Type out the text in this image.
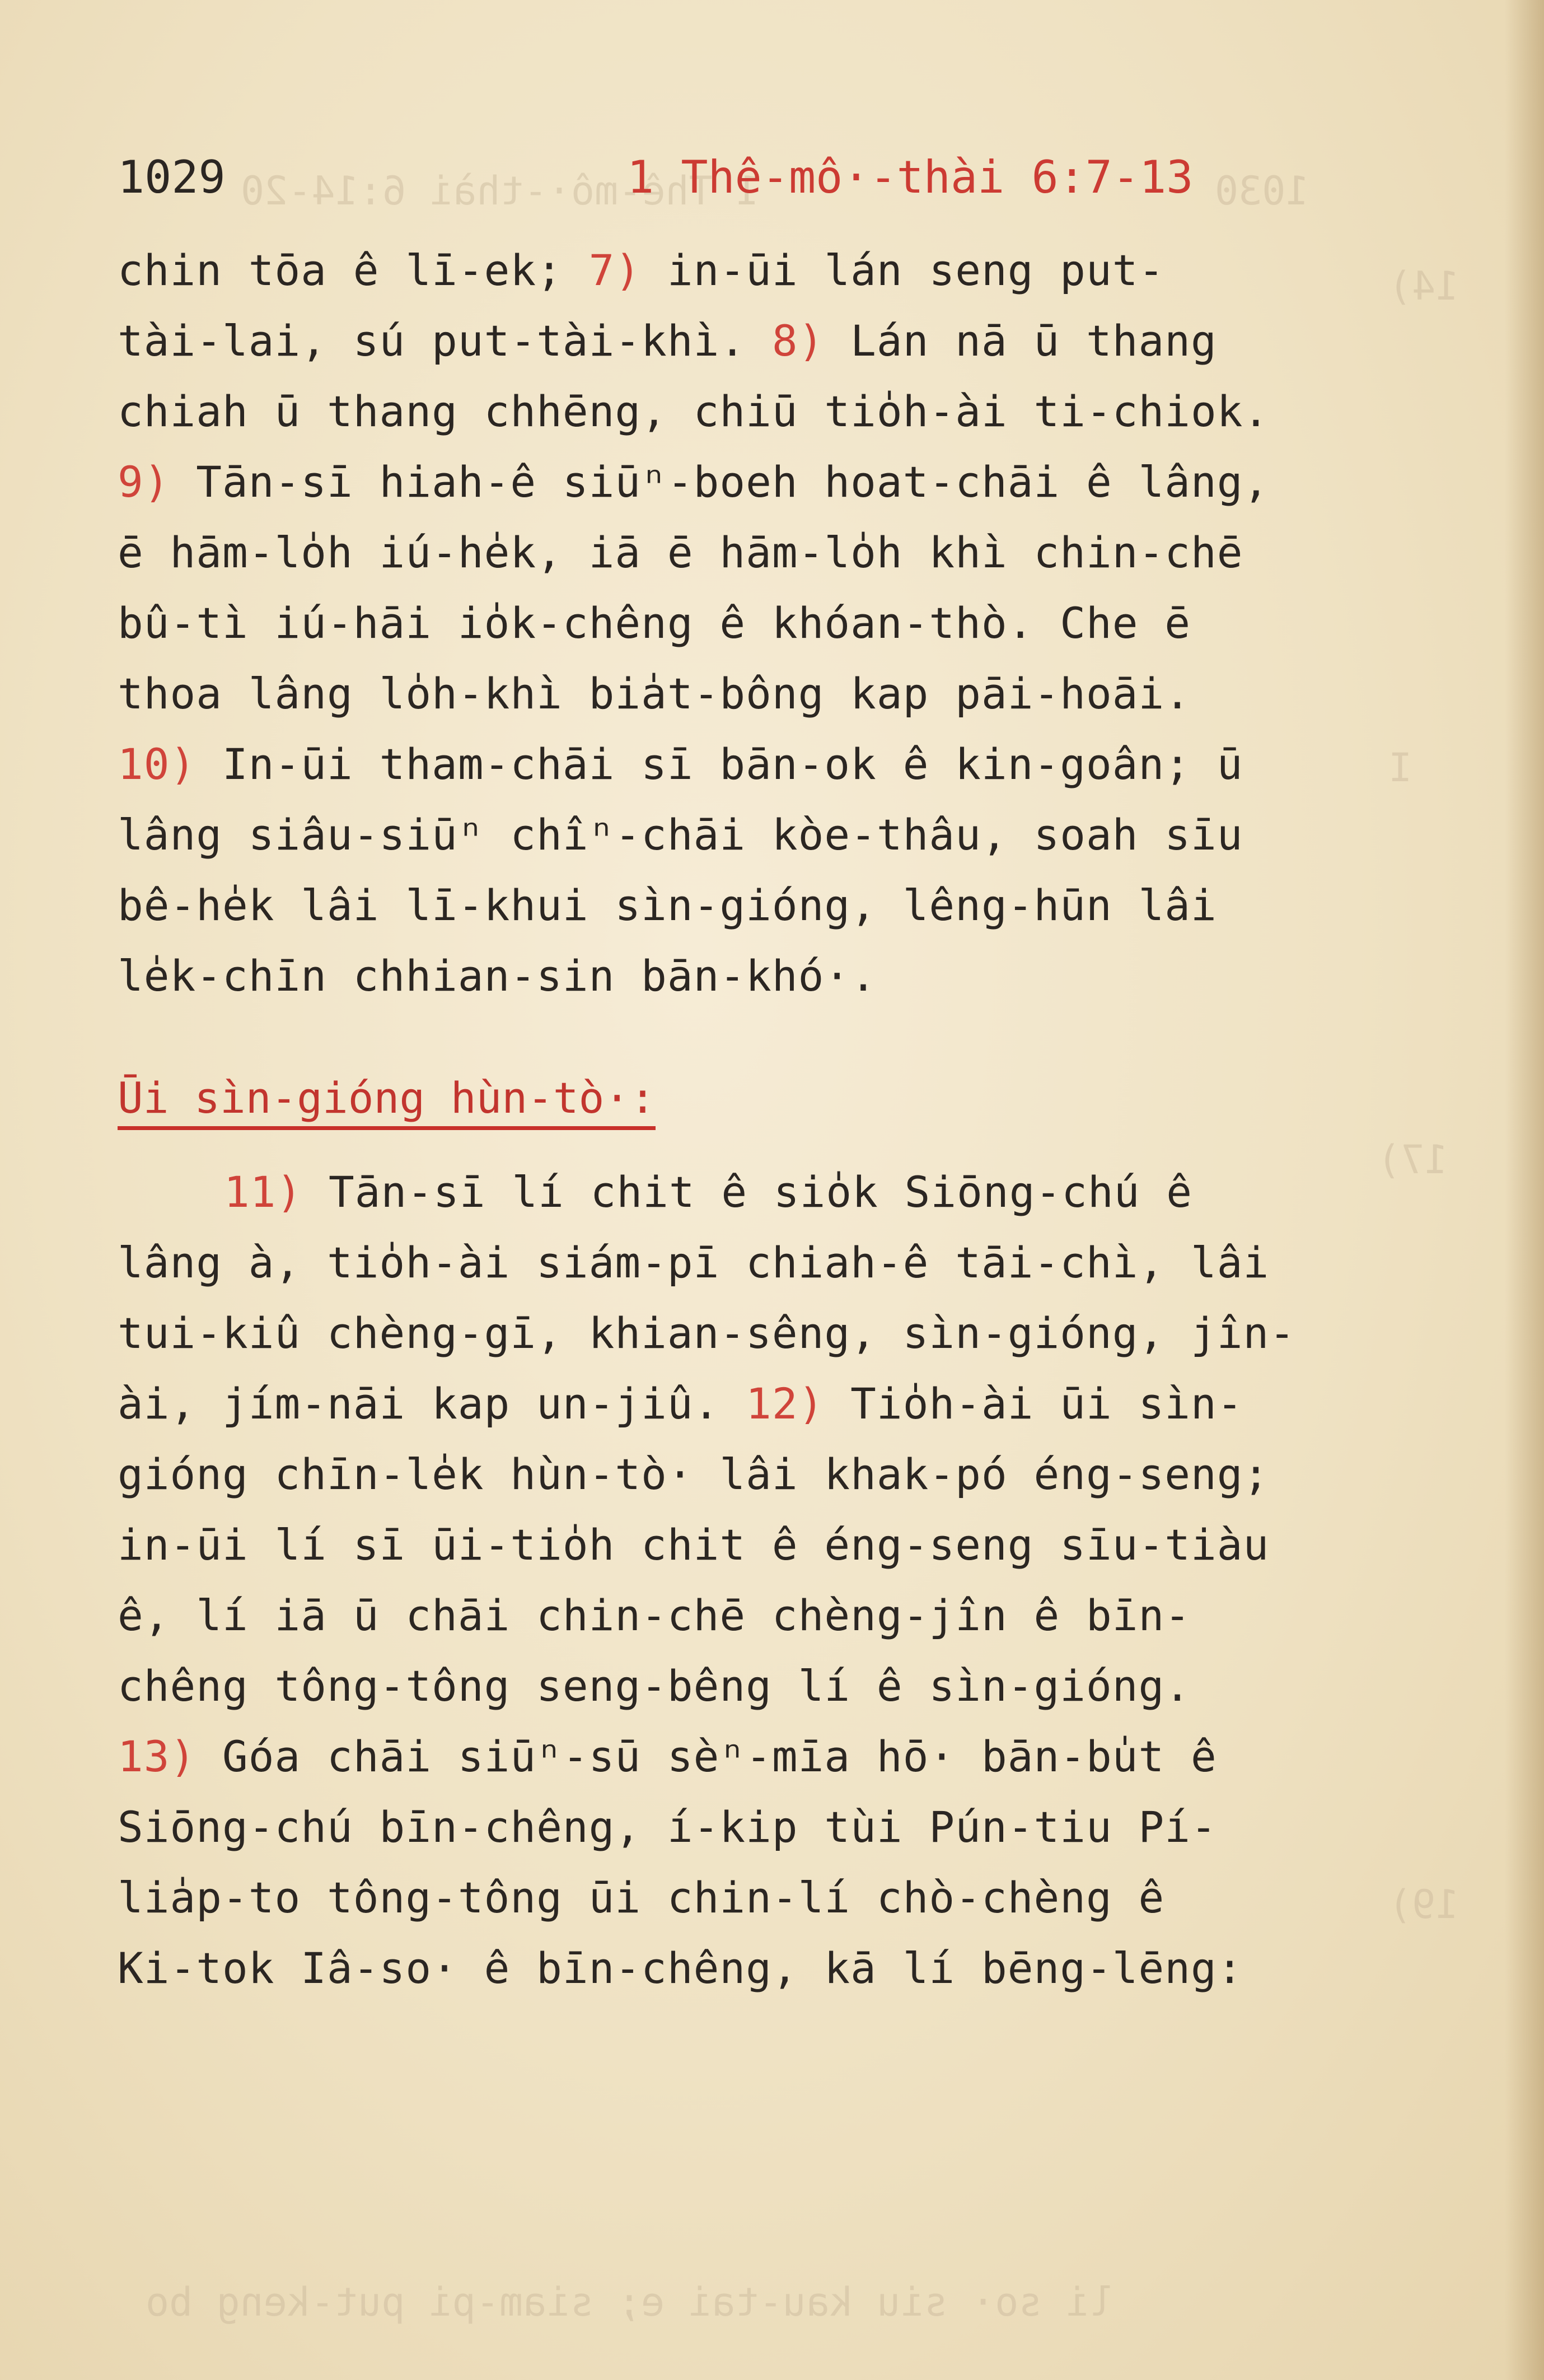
1030
1 Thê-mô·-thài 6:14-20
14)
I
17)
19)
li so· siu kau-tai e; siam-pi put-keng bo
1029	1 Thê-mô·-thài 6:7-13
chin tōa ê lī-ek; 7) in-ūi lán seng put-
tài-lai, sú put-tài-khì. 8) Lán nā ū thang
chiah ū thang chhēng, chiū tio̍h-ài ti-chiok.
9) Tān-sī hiah-ê siūⁿ-boeh hoat-chāi ê lâng,
ē hām-lo̍h iú-he̍k, iā ē hām-lo̍h khì chin-chē
bû-tì iú-hāi io̍k-chêng ê khóan-thò. Che ē
thoa lâng lo̍h-khì bia̍t-bông kap pāi-hoāi.
10) In-ūi tham-chāi sī bān-ok ê kin-goân; ū
lâng siâu-siūⁿ chîⁿ-chāi kòe-thâu, soah sīu
bê-he̍k lâi lī-khui sìn-gióng, lêng-hūn lâi
le̍k-chīn chhian-sin bān-khó·.
Ūi sìn-gióng hùn-tò·:
11) Tān-sī lí chit ê sio̍k Siōng-chú ê
lâng à, tio̍h-ài siám-pī chiah-ê tāi-chì, lâi
tui-kiû chèng-gī, khian-sêng, sìn-gióng, jîn-
ài, jím-nāi kap un-jiû. 12) Tio̍h-ài ūi sìn-
gióng chīn-le̍k hùn-tò· lâi khak-pó éng-seng;
in-ūi lí sī ūi-tio̍h chit ê éng-seng sīu-tiàu
ê, lí iā ū chāi chin-chē chèng-jîn ê bīn-
chêng tông-tông seng-bêng lí ê sìn-gióng.
13) Góa chāi siūⁿ-sū sèⁿ-mīa hō· bān-bu̍t ê
Siōng-chú bīn-chêng, í-kip tùi Pún-tiu Pí-
lia̍p-to tông-tông ūi chin-lí chò-chèng ê
Ki-tok Iâ-so· ê bīn-chêng, kā lí bēng-lēng:
